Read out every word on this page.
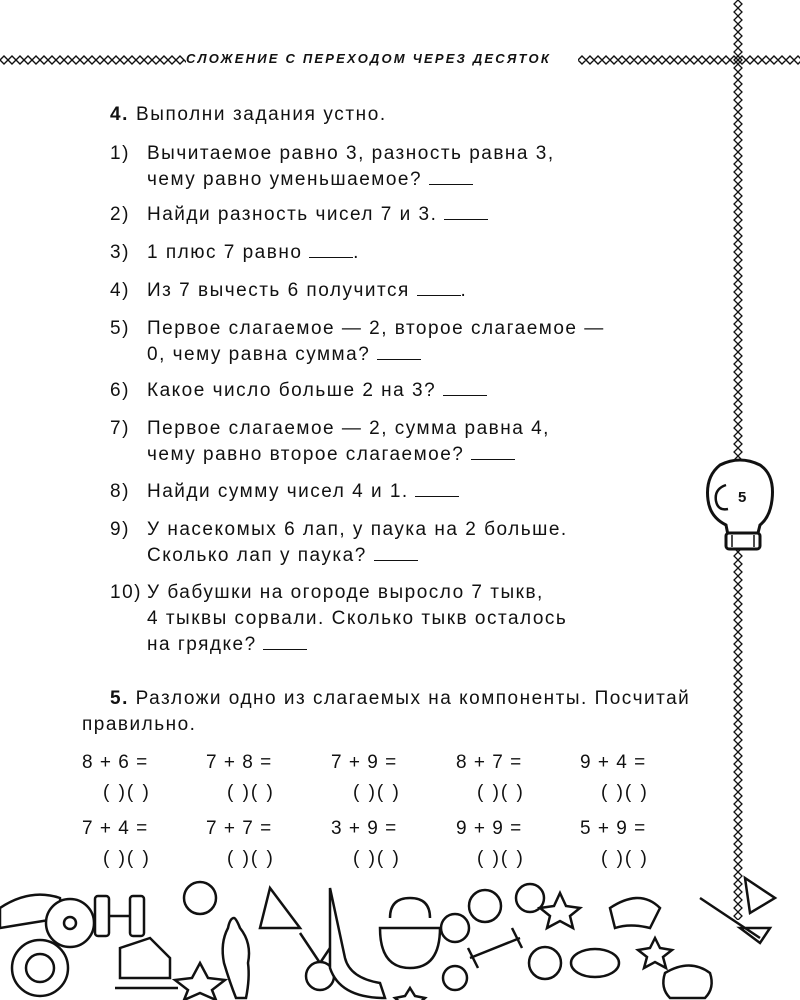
СЛОЖЕНИЕ С ПЕРЕХОДОМ ЧЕРЕЗ ДЕСЯТОК
5
4. Выполни задания устно.
1) Вычитаемое равно 3, разность равна 3,
чему равно уменьшаемое?
2) Найди разность чисел 7 и 3.
3) 1 плюс 7 равно	.
4) Из 7 вычесть 6 получится	.
5) Первое слагаемое — 2, второе слагаемое —
0, чему равна сумма?
6) Какое число больше 2 на 3?
7) Первое слагаемое — 2, сумма равна 4,
чему равно второе слагаемое?
8) Найди сумму чисел 4 и 1.
9) У насекомых 6 лап, у паука на 2 больше.
Сколько лап у паука?
10) У бабушки на огороде выросло 7 тыкв,
4 тыквы сорвали. Сколько тыкв осталось
на грядке?
5. Разложи одно из слагаемых на компоненты. Посчитай правильно.
8 + 6 =	7 + 8 =	7 + 9 =	8 + 7 =	9 + 4 =
( )( )	( )( )	( )( )	( )( )	( )( )
7 + 4 =	7 + 7 =	3 + 9 =	9 + 9 =	5 + 9 =
( )( )	( )( )	( )( )	( )( )	( )( )
